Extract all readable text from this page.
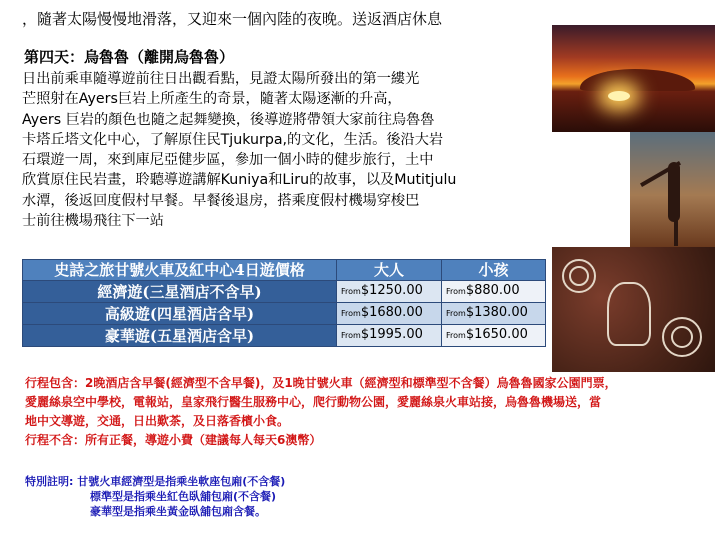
，隨著太陽慢慢地滑落，又迎來一個內陸的夜晚。送返酒店休息
第四天：烏魯魯（離開烏魯魯）
日出前乘車隨導遊前往日出觀看點，見證太陽所發出的第一縷光
芒照射在Ayers巨岩上所產生的奇景，隨著太陽逐漸的升高，
Ayers 巨岩的顏色也隨之起舞變換，後導遊將帶領大家前往烏魯魯
卡塔丘塔文化中心，了解原住民Tjukurpa,的文化，生活。後沿大岩
石環遊一周，來到庫尼亞健步區，參加一個小時的健步旅行，土中
欣賞原住民岩畫，聆聽導遊講解Kuniya和Liru的故事，以及Mutitjulu
水潭，後返回度假村早餐。早餐後退房，搭乘度假村機場穿梭巴
士前往機場飛往下一站
史詩之旅甘號火車及紅中心4日遊價格	大人	小孩
經濟遊(三星酒店不含早)	From$1250.00	From$880.00
高級遊(四星酒店含早)	From$1680.00	From$1380.00
豪華遊(五星酒店含早)	From$1995.00	From$1650.00
行程包含：2晚酒店含早餐(經濟型不含早餐)，及1晚甘號火車（經濟型和標準型不含餐）烏魯魯國家公園門票，
愛麗絲泉空中學校，電報站，皇家飛行醫生服務中心，爬行動物公園，愛麗絲泉火車站接，烏魯魯機場送，當
地中文導遊，交通，日出歎茶，及日落香檳小食。
行程不含：所有正餐，導遊小費（建議每人每天6澳幣）
特別註明: 甘號火車經濟型是指乘坐軟座包廂(不含餐)
標準型是指乘坐紅色臥舖包廂(不含餐)
豪華型是指乘坐黃金臥舖包廂含餐。
